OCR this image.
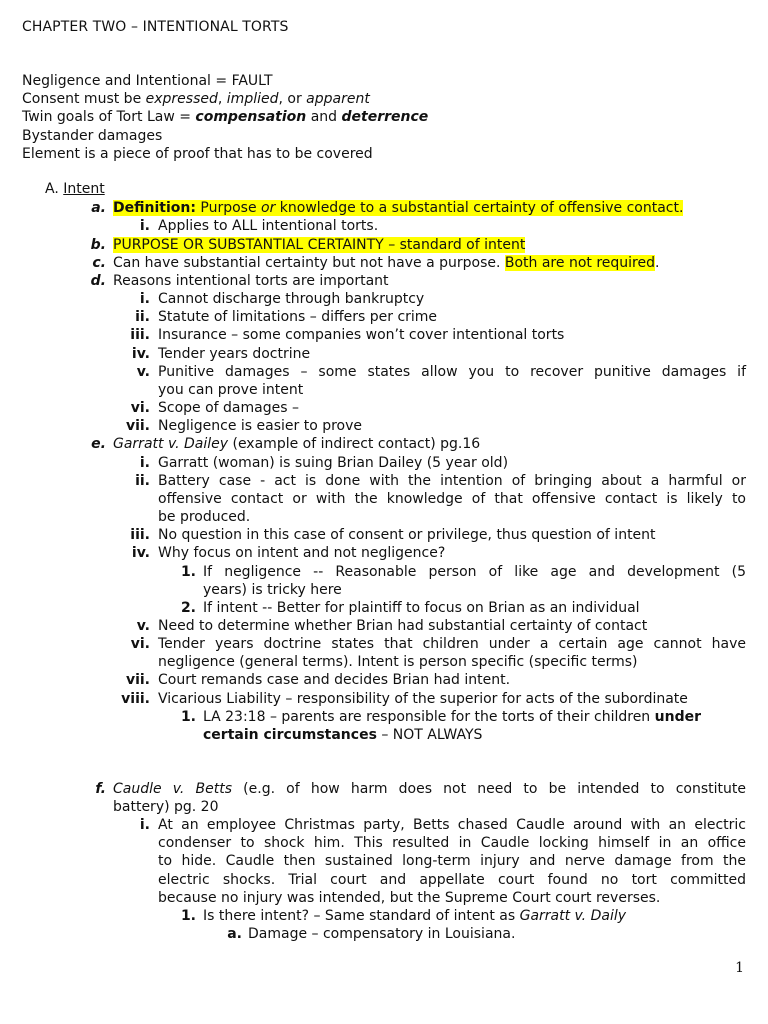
CHAPTER TWO – INTENTIONAL TORTS
Negligence and Intentional = FAULT
Consent must be expressed, implied, or apparent
Twin goals of Tort Law = compensation and deterrence
Bystander damages
Element is a piece of proof that has to be covered
A. Intent
a. Definition: Purpose or knowledge to a substantial certainty of offensive contact.
i. Applies to ALL intentional torts.
b. PURPOSE OR SUBSTANTIAL CERTAINTY – standard of intent
c. Can have substantial certainty but not have a purpose. Both are not required.
d. Reasons intentional torts are important
i. Cannot discharge through bankruptcy
ii. Statute of limitations – differs per crime
iii. Insurance – some companies won’t cover intentional torts
iv. Tender years doctrine
v. Punitive damages – some states allow you to recover punitive damages if
you can prove intent
vi. Scope of damages –
vii. Negligence is easier to prove
e. Garratt v. Dailey (example of indirect contact) pg.16
i. Garratt (woman) is suing Brian Dailey (5 year old)
ii. Battery case - act is done with the intention of bringing about a harmful or
offensive contact or with the knowledge of that offensive contact is likely to
be produced.
iii. No question in this case of consent or privilege, thus question of intent
iv. Why focus on intent and not negligence?
1. If negligence -- Reasonable person of like age and development (5
years) is tricky here
2. If intent -- Better for plaintiff to focus on Brian as an individual
v. Need to determine whether Brian had substantial certainty of contact
vi. Tender years doctrine states that children under a certain age cannot have
negligence (general terms). Intent is person specific (specific terms)
vii. Court remands case and decides Brian had intent.
viii. Vicarious Liability – responsibility of the superior for acts of the subordinate
1. LA 23:18 – parents are responsible for the torts of their children under
certain circumstances – NOT ALWAYS
f. Caudle v. Betts (e.g. of how harm does not need to be intended to constitute
battery) pg. 20
i. At an employee Christmas party, Betts chased Caudle around with an electric
condenser to shock him. This resulted in Caudle locking himself in an office
to hide. Caudle then sustained long-term injury and nerve damage from the
electric shocks. Trial court and appellate court found no tort committed
because no injury was intended, but the Supreme Court court reverses.
1. Is there intent? – Same standard of intent as Garratt v. Daily
a. Damage – compensatory in Louisiana.
1
